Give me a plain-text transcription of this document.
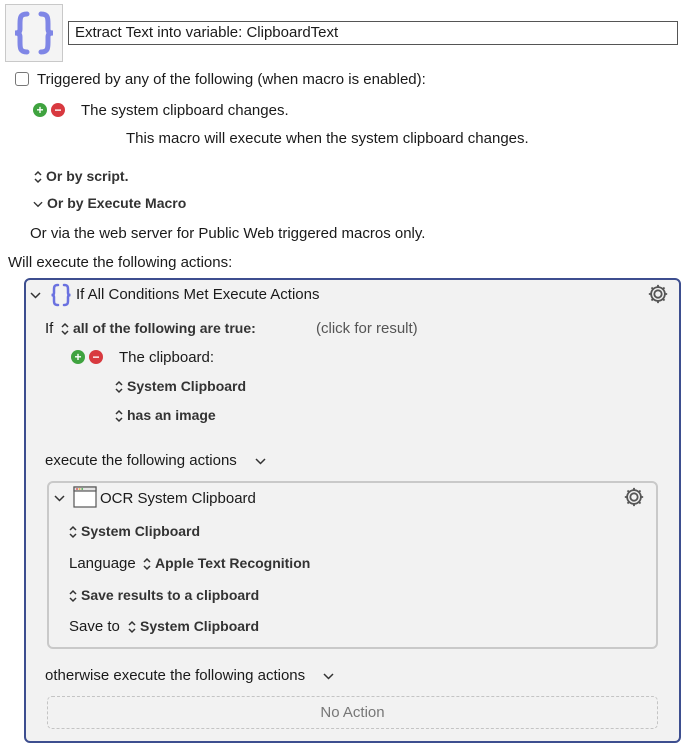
Extract Text into variable: ClipboardText
Triggered by any of the following (when macro is enabled):
+ − The system clipboard changes.
This macro will execute when the system clipboard changes.
Or by script.
Or by Execute Macro
Or via the web server for Public Web triggered macros only.
Will execute the following actions:
If All Conditions Met Execute Actions
If	all of the following are true:	(click for result)
+ − The clipboard:
System Clipboard
has an image
execute the following actions
OCR System Clipboard
System Clipboard
Language	Apple Text Recognition
Save results to a clipboard
Save to	System Clipboard
otherwise execute the following actions
No Action
